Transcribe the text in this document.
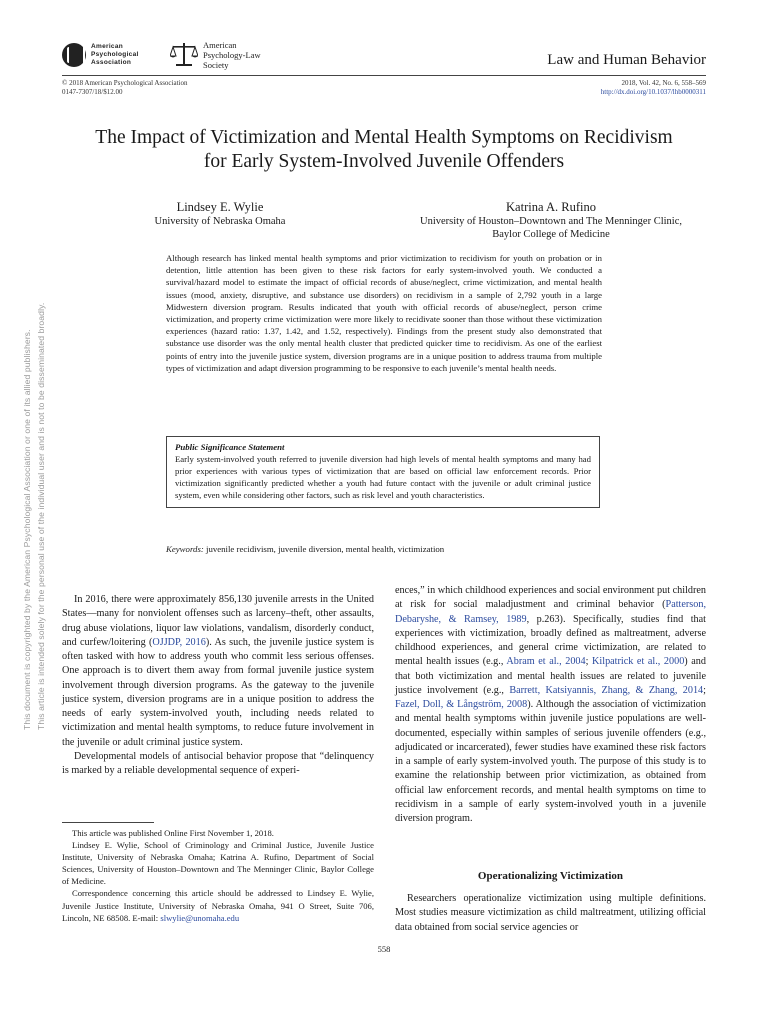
American
Psychological
Association
American
Psychology-Law
Society	Law and Human Behavior
© 2018 American Psychological Association
0147-7307/18/$12.00
2018, Vol. 42, No. 6, 558–569
http://dx.doi.org/10.1037/lhb0000311
The Impact of Victimization and Mental Health Symptoms on Recidivism
for Early System-Involved Juvenile Offenders
Lindsey E. Wylie
University of Nebraska Omaha
Katrina A. Rufino
University of Houston–Downtown and The Menninger Clinic,
Baylor College of Medicine
Although research has linked mental health symptoms and prior victimization to recidivism for youth on probation or in detention, little attention has been given to these risk factors for early system-involved youth. We conducted a survival/hazard model to estimate the impact of official records of abuse/neglect, crime victimization, and mental health issues (mood, anxiety, disruptive, and substance use disorders) on recidivism in a sample of 2,792 youth in a large Midwestern diversion program. Results indicated that youth with official records of abuse/neglect, person crime victimization, and property crime victimization were more likely to recidivate sooner than those without these victimization experiences (hazard ratio: 1.37, 1.42, and 1.52, respectively). Findings from the present study also demonstrated that substance use disorder was the only mental health cluster that predicted quicker time to recidivism. As one of the earliest points of entry into the juvenile justice system, diversion programs are in a unique position to address trauma from multiple types of victimization and adapt diversion programming to be responsive to each juvenile’s mental health needs.
Public Significance Statement
Early system-involved youth referred to juvenile diversion had high levels of mental health symptoms and many had prior experiences with various types of victimization that are based on official law enforcement records. Prior victimization significantly predicted whether a youth had future contact with the juvenile or adult criminal justice system, even while considering other factors, such as risk level and youth characteristics.
Keywords: juvenile recidivism, juvenile diversion, mental health, victimization

In 2016, there were approximately 856,130 juvenile arrests in the United States—many for nonviolent offenses such as larceny–theft, other assaults, drug abuse violations, liquor law violations, vandalism, disorderly conduct, and curfew/loitering (OJJDP, 2016). As such, the juvenile justice system is often tasked with how to address youth who commit less serious offenses. One approach is to divert them away from formal juvenile justice system involvement through diversion programs. As the gateway to the juvenile justice system, diversion programs are in a unique position to address the needs of early system-involved youth, including needs related to victimization and mental health symptoms, to reduce future involvement in the juvenile or adult criminal justice system.

Developmental models of antisocial behavior propose that “delinquency is marked by a reliable developmental sequence of experi-

This article was published Online First November 1, 2018.

Lindsey E. Wylie, School of Criminology and Criminal Justice, Juvenile Justice Institute, University of Nebraska Omaha; Katrina A. Rufino, Department of Social Sciences, University of Houston–Downtown and The Menninger Clinic, Baylor College of Medicine.

Correspondence concerning this article should be addressed to Lindsey E. Wylie, Juvenile Justice Institute, University of Nebraska Omaha, 941 O Street, Suite 706, Lincoln, NE 68508. E-mail: slwylie@unomaha.edu

ences,” in which childhood experiences and social environment put children at risk for social maladjustment and criminal behavior (Patterson, Debaryshe, & Ramsey, 1989, p.263). Specifically, studies find that experiences with victimization, broadly defined as maltreatment, adverse childhood experiences, and general crime victimization, are related to mental health issues (e.g., Abram et al., 2004; Kilpatrick et al., 2000) and that both victimization and mental health issues are related to juvenile justice involvement (e.g., Barrett, Katsiyannis, Zhang, & Zhang, 2014; Fazel, Doll, & Långström, 2008). Although the association of victimization and mental health symptoms within juvenile justice populations are well-documented, especially within samples of serious juvenile offenders (e.g., adjudicated or incarcerated), fewer studies have examined these risk factors in a sample of early system-involved youth. The purpose of this study is to examine the relationship between prior victimization, as obtained from official law enforcement records, and mental health symptoms on time to recidivism in a sample of early system-involved youth in a juvenile diversion program.

Operationalizing Victimization

Researchers operationalize victimization using multiple definitions. Most studies measure victimization as child maltreatment, utilizing official data obtained from social service agencies or

558
This document is copyrighted by the American Psychological Association or one of its allied publishers. This article is intended solely for the personal use of the individual user and is not to be disseminated broadly.
